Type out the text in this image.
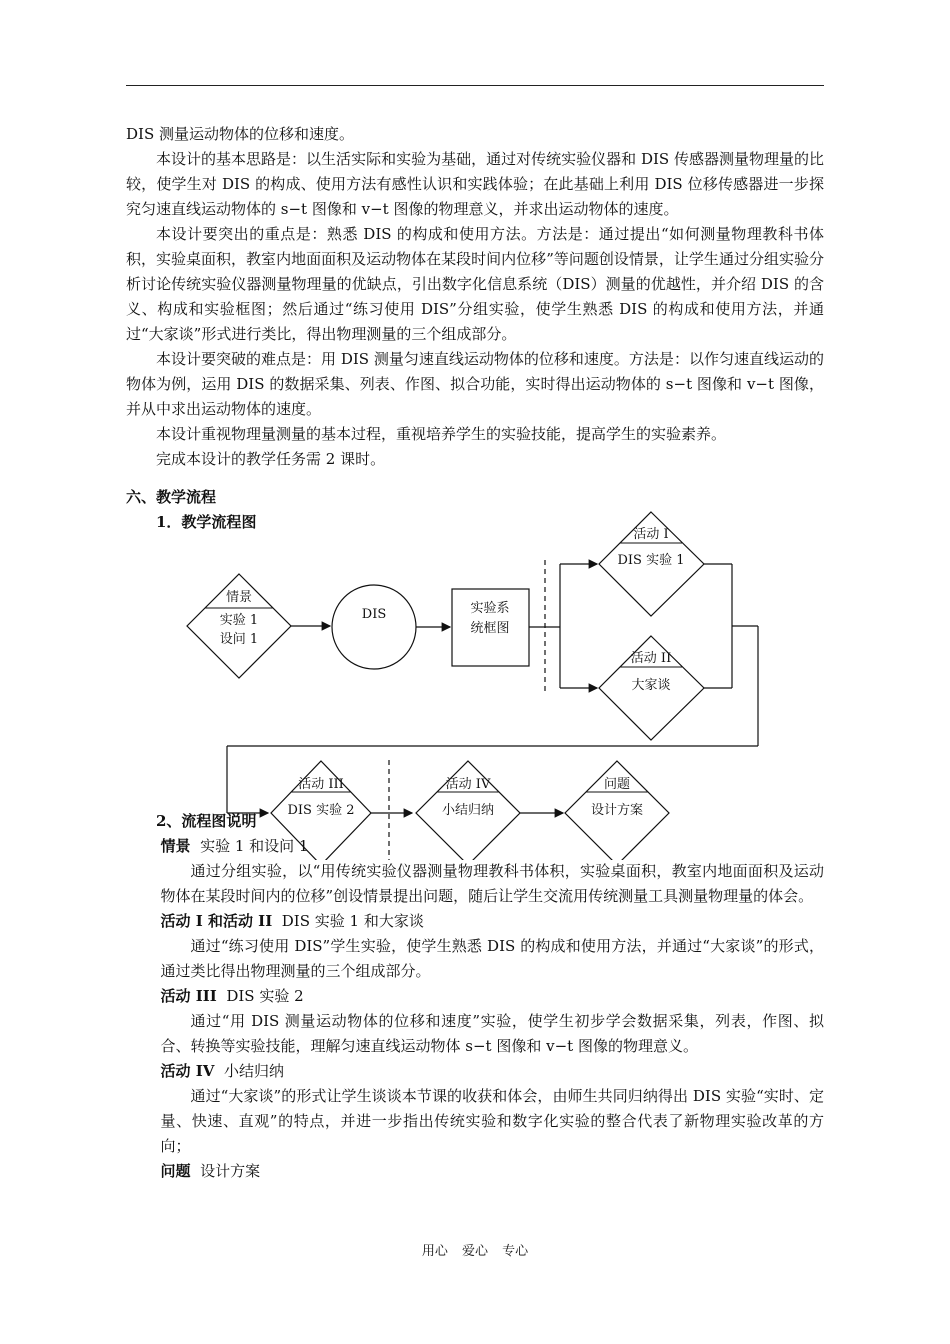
DIS 测量运动物体的位移和速度。

本设计的基本思路是：以生活实际和实验为基础，通过对传统实验仪器和 DIS 传感器测量物理量的比较，使学生对 DIS 的构成、使用方法有感性认识和实践体验；在此基础上利用 DIS 位移传感器进一步探究匀速直线运动物体的 s−t 图像和 v−t 图像的物理意义，并求出运动物体的速度。

本设计要突出的重点是：熟悉 DIS 的构成和使用方法。方法是：通过提出“如何测量物理教科书体积，实验桌面积，教室内地面面积及运动物体在某段时间内位移”等问题创设情景，让学生通过分组实验分析讨论传统实验仪器测量物理量的优缺点，引出数字化信息系统（DIS）测量的优越性，并介绍 DIS 的含义、构成和实验框图；然后通过“练习使用 DIS”分组实验，使学生熟悉 DIS 的构成和使用方法，并通过“大家谈”形式进行类比，得出物理测量的三个组成部分。

本设计要突破的难点是：用 DIS 测量匀速直线运动物体的位移和速度。方法是：以作匀速直线运动的物体为例，运用 DIS 的数据采集、列表、作图、拟合功能，实时得出运动物体的 s−t 图像和 v−t 图像，并从中求出运动物体的速度。

本设计重视物理量测量的基本过程，重视培养学生的实验技能，提高学生的实验素养。

完成本设计的教学任务需 2 课时。

六、教学流程
1．教学流程图
情景
实验 1
设问 1
DIS	实验系
统框图
活动 I
DIS 实验 1
活动 II
大家谈
活动 III
DIS 实验 2
活动 IV
小结归纳
问题
设计方案
2、流程图说明
情景 实验 1 和设问 1

通过分组实验，以“用传统实验仪器测量物理教科书体积，实验桌面积，教室内地面面积及运动物体在某段时间内的位移”创设情景提出问题，随后让学生交流用传统测量工具测量物理量的体会。

活动 I 和活动 II DIS 实验 1 和大家谈

通过“练习使用 DIS”学生实验，使学生熟悉 DIS 的构成和使用方法，并通过“大家谈”的形式，通过类比得出物理测量的三个组成部分。

活动 III DIS 实验 2

通过“用 DIS 测量运动物体的位移和速度”实验，使学生初步学会数据采集，列表，作图、拟合、转换等实验技能，理解匀速直线运动物体 s−t 图像和 v−t 图像的物理意义。

活动 IV 小结归纳

通过“大家谈”的形式让学生谈谈本节课的收获和体会，由师生共同归纳得出 DIS 实验“实时、定量、快速、直观”的特点，并进一步指出传统实验和数字化实验的整合代表了新物理实验改革的方向；

问题 设计方案
用心 爱心 专心
